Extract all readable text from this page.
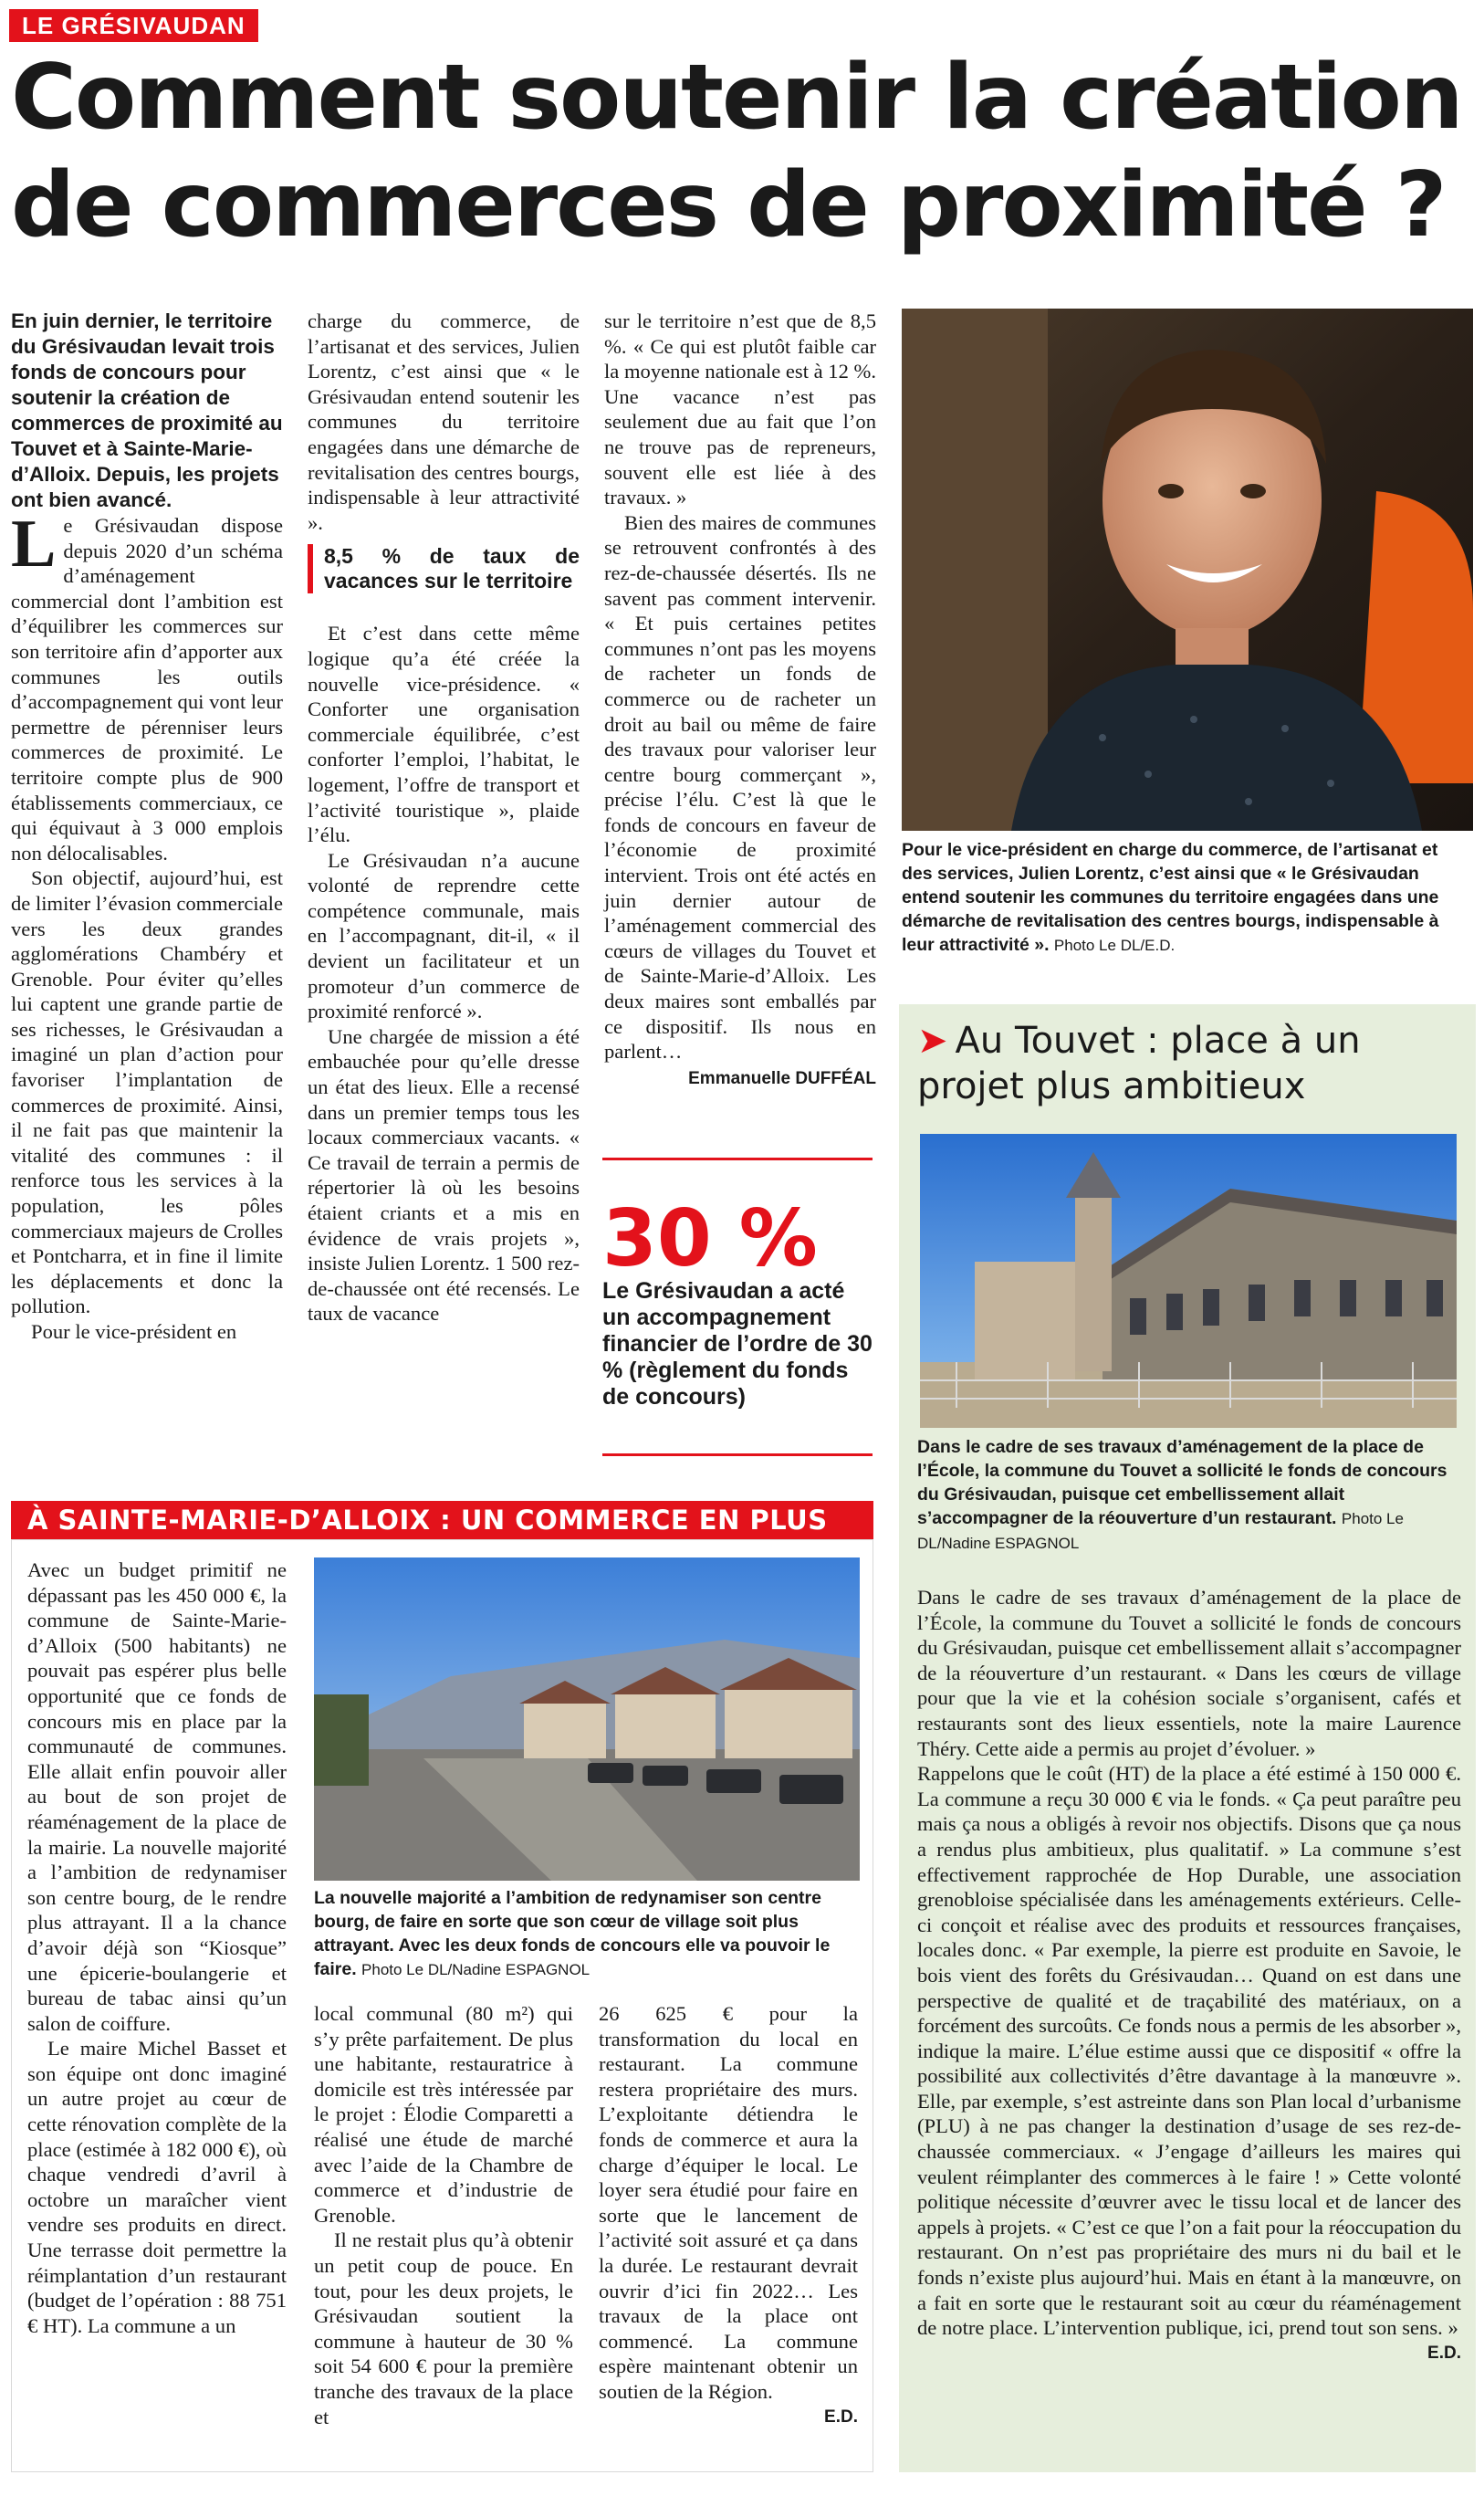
LE GRÉSIVAUDAN
Comment soutenir la création
de commerces de proximité ?

En juin dernier, le territoire du Grésivaudan levait trois fonds de concours pour soutenir la création de commerces de proximité au Touvet et à Sainte-Marie-d’Alloix. Depuis, les projets ont bien avancé.

Le Grésivaudan dispose depuis 2020 d’un schéma d’aménagement commercial dont l’ambition est d’équilibrer les commerces sur son territoire afin d’apporter aux communes les outils d’accompagnement qui vont leur permettre de pérenniser leurs commerces de proximité. Le territoire compte plus de 900 établissements commerciaux, ce qui équivaut à 3 000 emplois non délocalisables.

Son objectif, aujourd’hui, est de limiter l’évasion commerciale vers les deux grandes agglomérations Chambéry et Grenoble. Pour éviter qu’elles lui captent une grande partie de ses richesses, le Grésivaudan a imaginé un plan d’action pour favoriser l’implantation de commerces de proximité. Ainsi, il ne fait pas que maintenir la vitalité des communes : il renforce tous les services à la population, les pôles commerciaux majeurs de Crolles et Pontcharra, et in fine il limite les déplacements et donc la pollution.

Pour le vice-président en

charge du commerce, de l’artisanat et des services, Julien Lorentz, c’est ainsi que « le Grésivaudan entend soutenir les communes du territoire engagées dans une démarche de revitalisation des centres bourgs, indispensable à leur attractivité ».

8,5 % de taux de vacances sur le territoire

Et c’est dans cette même logique qu’a été créée la nouvelle vice-présidence. « Conforter une organisation commerciale équilibrée, c’est conforter l’emploi, l’habitat, le logement, l’offre de transport et l’activité touristique », plaide l’élu.

Le Grésivaudan n’a aucune volonté de reprendre cette compétence communale, mais en l’accompagnant, dit-il, « il devient un facilitateur et un promoteur d’un commerce de proximité renforcé ».

Une chargée de mission a été embauchée pour qu’elle dresse un état des lieux. Elle a recensé dans un premier temps tous les locaux commerciaux vacants. « Ce travail de terrain a permis de répertorier là où les besoins étaient criants et a mis en évidence de vrais projets », insiste Julien Lorentz. 1 500 rez-de-chaussée ont été recensés. Le taux de vacance

sur le territoire n’est que de 8,5 %. « Ce qui est plutôt faible car la moyenne nationale est à 12 %. Une vacance n’est pas seulement due au fait que l’on ne trouve pas de repreneurs, souvent elle est liée à des travaux. »

Bien des maires de communes se retrouvent confrontés à des rez-de-chaussée désertés. Ils ne savent pas comment intervenir. « Et puis certaines petites communes n’ont pas les moyens de racheter un fonds de commerce ou de racheter un droit au bail ou même de faire des travaux pour valoriser leur centre bourg commerçant », précise l’élu. C’est là que le fonds de concours en faveur de l’économie de proximité intervient. Trois ont été actés en juin dernier autour de l’aménagement commercial des cœurs de villages du Touvet et de Sainte-Marie-d’Alloix. Les deux maires sont emballés par ce dispositif. Ils nous en parlent…

Emmanuelle DUFFÉAL
30 %
Le Grésivaudan a acté un accompagnement financier de l’ordre de 30 % (règlement du fonds de concours)
Pour le vice-président en charge du commerce, de l’artisanat et des services, Julien Lorentz, c’est ainsi que « le Grésivaudan entend soutenir les communes du territoire engagées dans une démarche de revitalisation des centres bourgs, indispensable à leur attractivité ». Photo Le DL/E.D.
➤ Au Touvet : place à un projet plus ambitieux
Dans le cadre de ses travaux d’aménagement de la place de l’École, la commune du Touvet a sollicité le fonds de concours du Grésivaudan, puisque cet embellissement allait s’accompagner de la réouverture d’un restaurant. Photo Le DL/Nadine ESPAGNOL

Dans le cadre de ses travaux d’aménagement de la place de l’École, la commune du Touvet a sollicité le fonds de concours du Grésivaudan, puisque cet embellissement allait s’accompagner de la réouverture d’un restaurant. « Dans les cœurs de village pour que la vie et la cohésion sociale s’organisent, cafés et restaurants sont des lieux essentiels, note la maire Laurence Théry. Cette aide a permis au projet d’évoluer. »

Rappelons que le coût (HT) de la place a été estimé à 150 000 €. La commune a reçu 30 000 € via le fonds. « Ça peut paraître peu mais ça nous a obligés à revoir nos objectifs. Disons que ça nous a rendus plus ambitieux, plus qualitatif. » La commune s’est effectivement rapprochée de Hop Durable, une association grenobloise spécialisée dans les aménagements extérieurs. Celle-ci conçoit et réalise avec des produits et ressources françaises, locales donc. « Par exemple, la pierre est produite en Savoie, le bois vient des forêts du Grésivaudan… Quand on est dans une perspective de qualité et de traçabilité des matériaux, on a forcément des surcoûts. Ce fonds nous a permis de les absorber », indique la maire. L’élue estime aussi que ce dispositif « offre la possibilité aux collectivités d’être davantage à la manœuvre ». Elle, par exemple, s’est astreinte dans son Plan local d’urbanisme (PLU) à ne pas changer la destination d’usage de ses rez-de-chaussée commerciaux. « J’engage d’ailleurs les maires qui veulent réimplanter des commerces à le faire ! » Cette volonté politique nécessite d’œuvrer avec le tissu local et de lancer des appels à projets. « C’est ce que l’on a fait pour la réoccupation du restaurant. On n’est pas propriétaire des murs ni du bail et le fonds n’existe plus aujourd’hui. Mais en étant à la manœuvre, on a fait en sorte que le restaurant soit au cœur du réaménagement de notre place. L’intervention publique, ici, prend tout son sens. »

E.D.
À SAINTE-MARIE-D’ALLOIX : UN COMMERCE EN PLUS

Avec un budget primitif ne dépassant pas les 450 000 €, la commune de Sainte-Marie-d’Alloix (500 habitants) ne pouvait pas espérer plus belle opportunité que ce fonds de concours mis en place par la communauté de communes. Elle allait enfin pouvoir aller au bout de son projet de réaménagement de la place de la mairie. La nouvelle majorité a l’ambition de redynamiser son centre bourg, de le rendre plus attrayant. Il a la chance d’avoir déjà son “Kiosque” une épicerie-boulangerie et bureau de tabac ainsi qu’un salon de coiffure.

Le maire Michel Basset et son équipe ont donc imaginé un autre projet au cœur de cette rénovation complète de la place (estimée à 182 000 €), où chaque vendredi d’avril à octobre un maraîcher vient vendre ses produits en direct. Une terrasse doit permettre la réimplantation d’un restaurant (budget de l’opération : 88 751 € HT). La commune a un

La nouvelle majorité a l’ambition de redynamiser son centre bourg, de faire en sorte que son cœur de village soit plus attrayant. Avec les deux fonds de concours elle va pouvoir le faire. Photo Le DL/Nadine ESPAGNOL

local communal (80 m²) qui s’y prête parfaitement. De plus une habitante, restauratrice à domicile est très intéressée par le projet : Élodie Comparetti a réalisé une étude de marché avec l’aide de la Chambre de commerce et d’industrie de Grenoble.

Il ne restait plus qu’à obtenir un petit coup de pouce. En tout, pour les deux projets, le Grésivaudan soutient la commune à hauteur de 30 % soit 54 600 € pour la première tranche des travaux de la place et

26 625 € pour la transformation du local en restaurant. La commune restera propriétaire des murs. L’exploitante détiendra le fonds de commerce et aura la charge d’équiper le local. Le loyer sera étudié pour faire en sorte que le lancement de l’activité soit assuré et ça dans la durée. Le restaurant devrait ouvrir d’ici fin 2022… Les travaux de la place ont commencé. La commune espère maintenant obtenir un soutien de la Région.

E.D.
